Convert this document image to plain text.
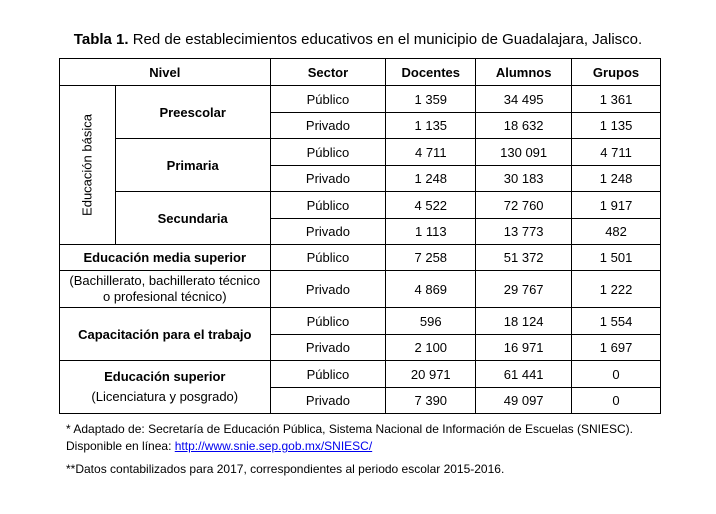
Tabla 1. Red de establecimientos educativos en el municipio de Guadalajara, Jalisco.
Nivel		Sector	Docentes	Alumnos	Grupos

Educación básica	Preescolar	Público	1 359	34 495	1 361
		Privado	1 135	18 632	1 135
	Primaria	Público	4 711	130 091	4 711
		Privado	1 248	30 183	1 248
	Secundaria	Público	4 522	72 760	1 917
		Privado	1 113	13 773	482
Educación media superior		Público	7 258	51 372	1 501

(Bachillerato, bachillerato técnico
o profesional técnico)		Privado	4 869	29 767	1 222
Capacitación para el trabajo		Público	596	18 124	1 554
		Privado	2 100	16 971	1 697

Educación superior
(Licenciatura y posgrado)		Público	20 971	61 441	0
		Privado	7 390	49 097	0
* Adaptado de: Secretaría de Educación Pública, Sistema Nacional de Información de Escuelas (SNIESC).
Disponible en línea: http://www.snie.sep.gob.mx/SNIESC/
**Datos contabilizados para 2017, correspondientes al periodo escolar 2015-2016.
